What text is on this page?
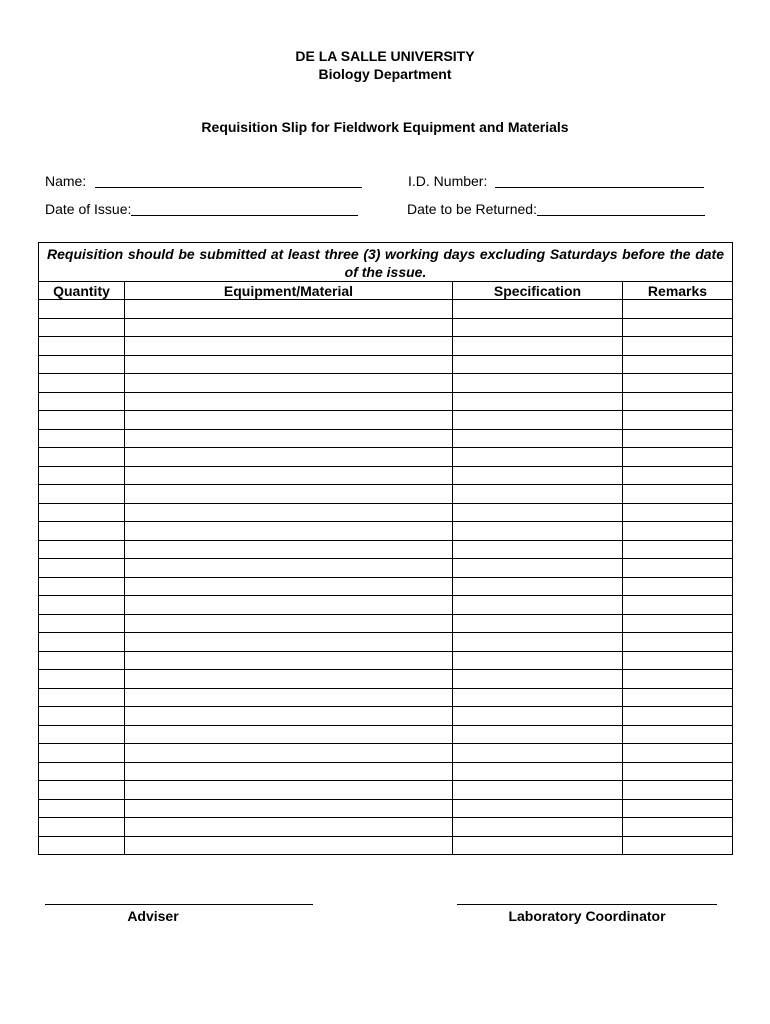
DE LA SALLE UNIVERSITY
Biology Department
Requisition Slip for Fieldwork Equipment and Materials
Name:	I.D. Number:
Date of Issue:	Date to be Returned:
Requisition should be submitted at least three (3) working days excluding Saturdays before the date of the issue.			
Quantity	Equipment/Material	Specification	Remarks

Adviser	Laboratory Coordinator
